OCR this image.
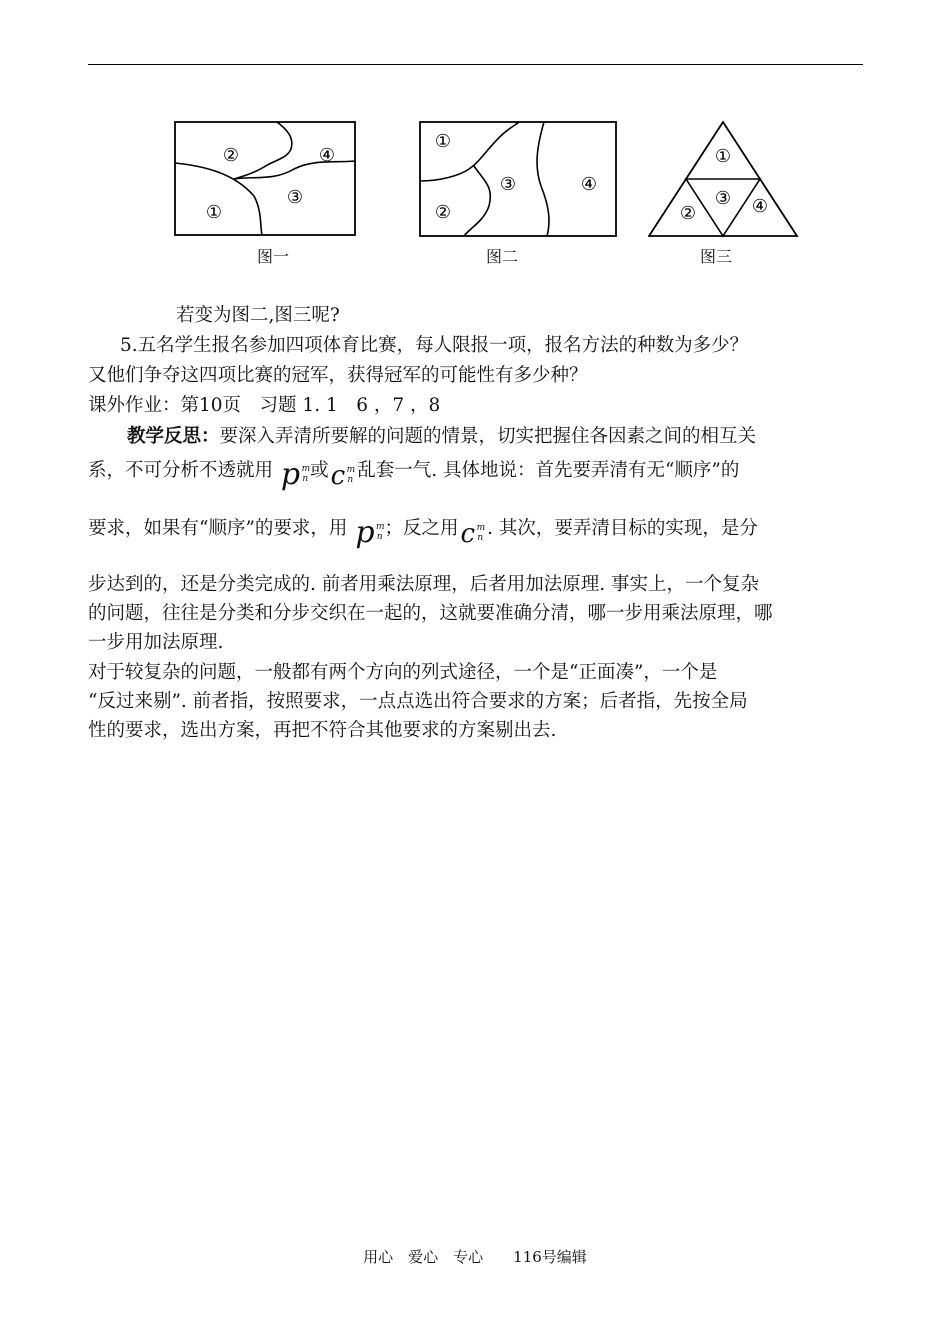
②	④
③
①
图一
①
③	④
②
图二
①
③
②	④
图三
若变为图二,图三呢?
5.五名学生报名参加四项体育比赛，每人限报一项，报名方法的种数为多少？
又他们争夺这四项比赛的冠军，获得冠军的可能性有多少种？
课外作业：第10页　习题 1. 1　6 ，7 ，8
教学反思：要深入弄清所要解的问题的情景，切实把握住各因素之间的相互关
系，不可分析不透就用 p m
n 或c m
n 乱套一气. 具体地说：首先要弄清有无“顺序”的
要求，如果有“顺序”的要求，用 p m
n ；反之用c m
n . 其次，要弄清目标的实现，是分
步达到的，还是分类完成的. 前者用乘法原理，后者用加法原理. 事实上，一个复杂
的问题，往往是分类和分步交织在一起的，这就要准确分清，哪一步用乘法原理，哪
一步用加法原理.
对于较复杂的问题，一般都有两个方向的列式途径，一个是“正面凑”，一个是
“反过来剔”. 前者指，按照要求，一点点选出符合要求的方案；后者指，先按全局
性的要求，选出方案，再把不符合其他要求的方案剔出去.
用心　爱心　专心　　116号编辑
